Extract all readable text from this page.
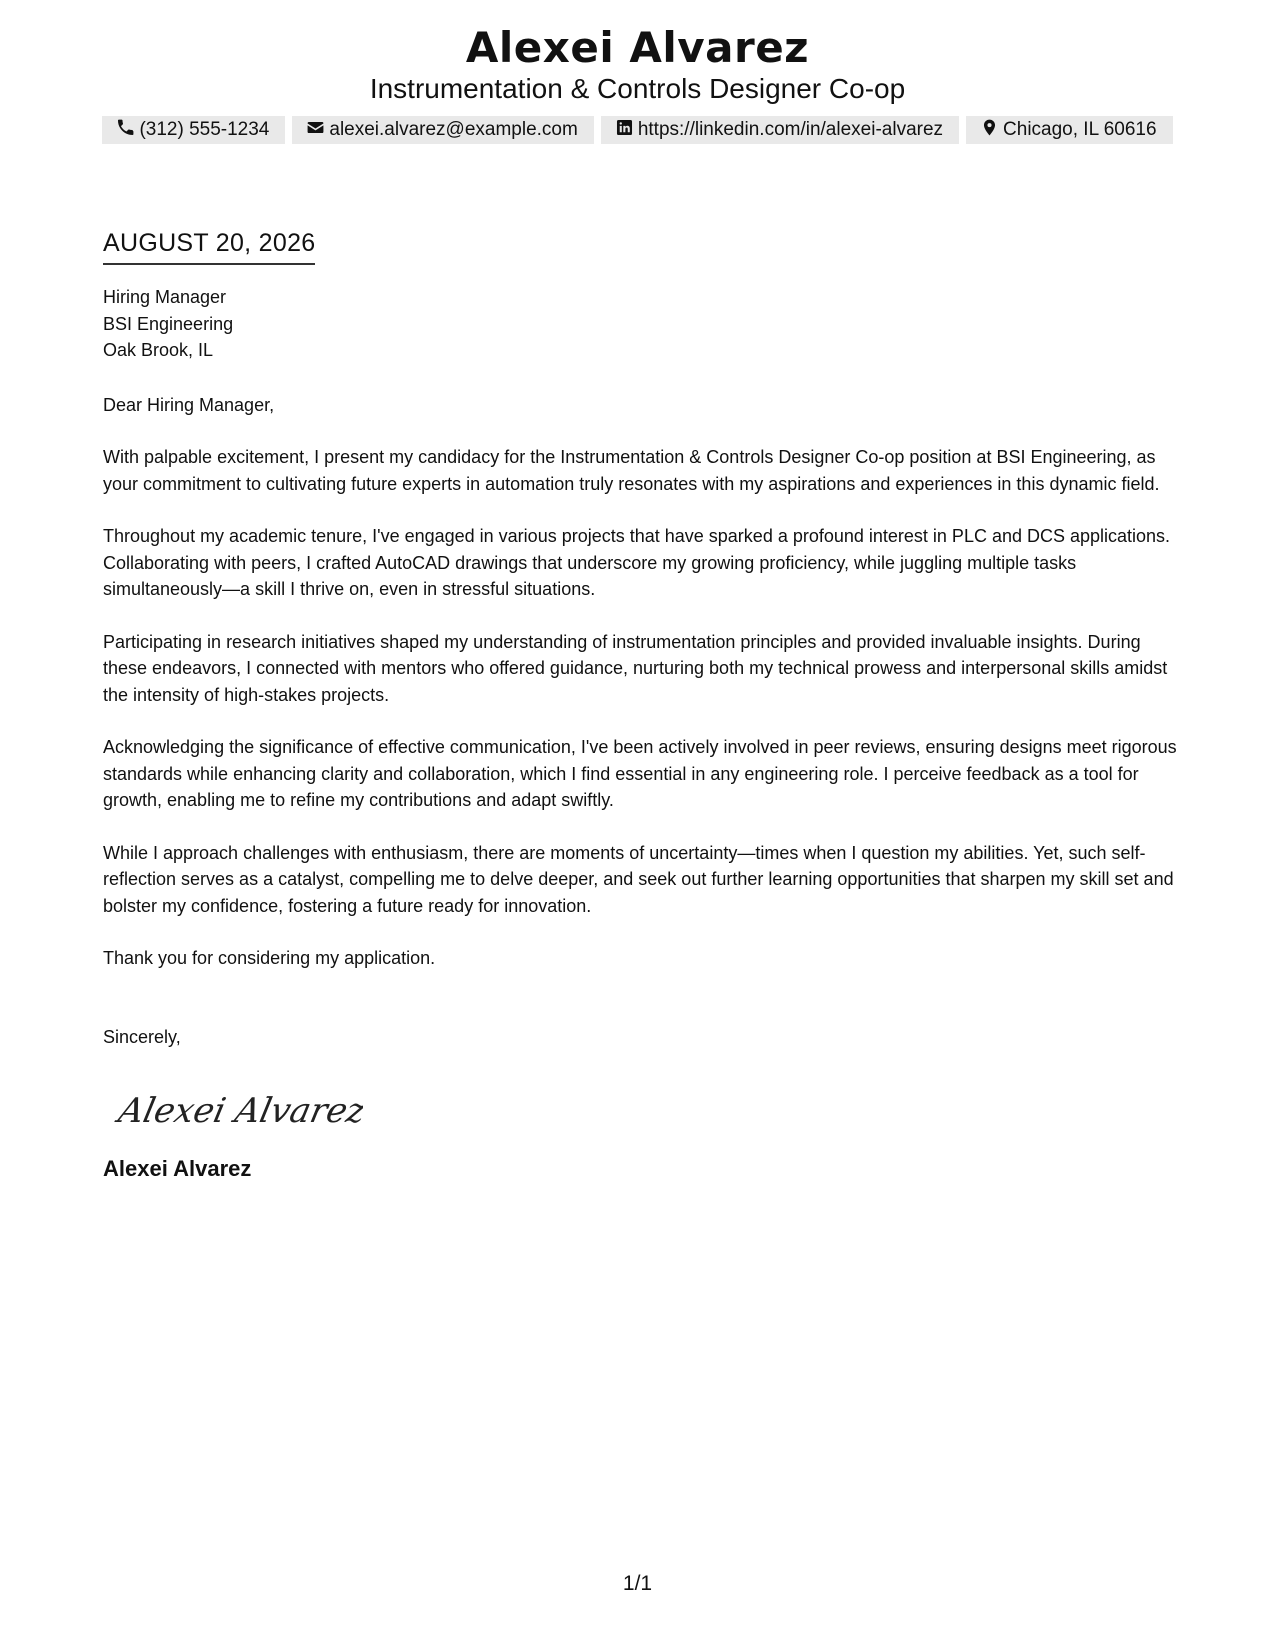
Alexei Alvarez
Instrumentation & Controls Designer Co-op
(312) 555-1234	alexei.alvarez@example.com	https://linkedin.com/in/alexei-alvarez	Chicago, IL 60616
AUGUST 20, 2026
Hiring Manager
BSI Engineering
Oak Brook, IL
Dear Hiring Manager,
With palpable excitement, I present my candidacy for the Instrumentation & Controls Designer Co-op position at BSI Engineering, as your commitment to cultivating future experts in automation truly resonates with my aspirations and experiences in this dynamic field.
Throughout my academic tenure, I've engaged in various projects that have sparked a profound interest in PLC and DCS applications. Collaborating with peers, I crafted AutoCAD drawings that underscore my growing proficiency, while juggling multiple tasks simultaneously—a skill I thrive on, even in stressful situations.
Participating in research initiatives shaped my understanding of instrumentation principles and provided invaluable insights. During these endeavors, I connected with mentors who offered guidance, nurturing both my technical prowess and interpersonal skills amidst the intensity of high-stakes projects.
Acknowledging the significance of effective communication, I've been actively involved in peer reviews, ensuring designs meet rigorous standards while enhancing clarity and collaboration, which I find essential in any engineering role. I perceive feedback as a tool for growth, enabling me to refine my contributions and adapt swiftly.
While I approach challenges with enthusiasm, there are moments of uncertainty—times when I question my abilities. Yet, such self-reflection serves as a catalyst, compelling me to delve deeper, and seek out further learning opportunities that sharpen my skill set and bolster my confidence, fostering a future ready for innovation.
Thank you for considering my application.
Sincerely,
Alexei Alvarez
Alexei Alvarez
1/1
